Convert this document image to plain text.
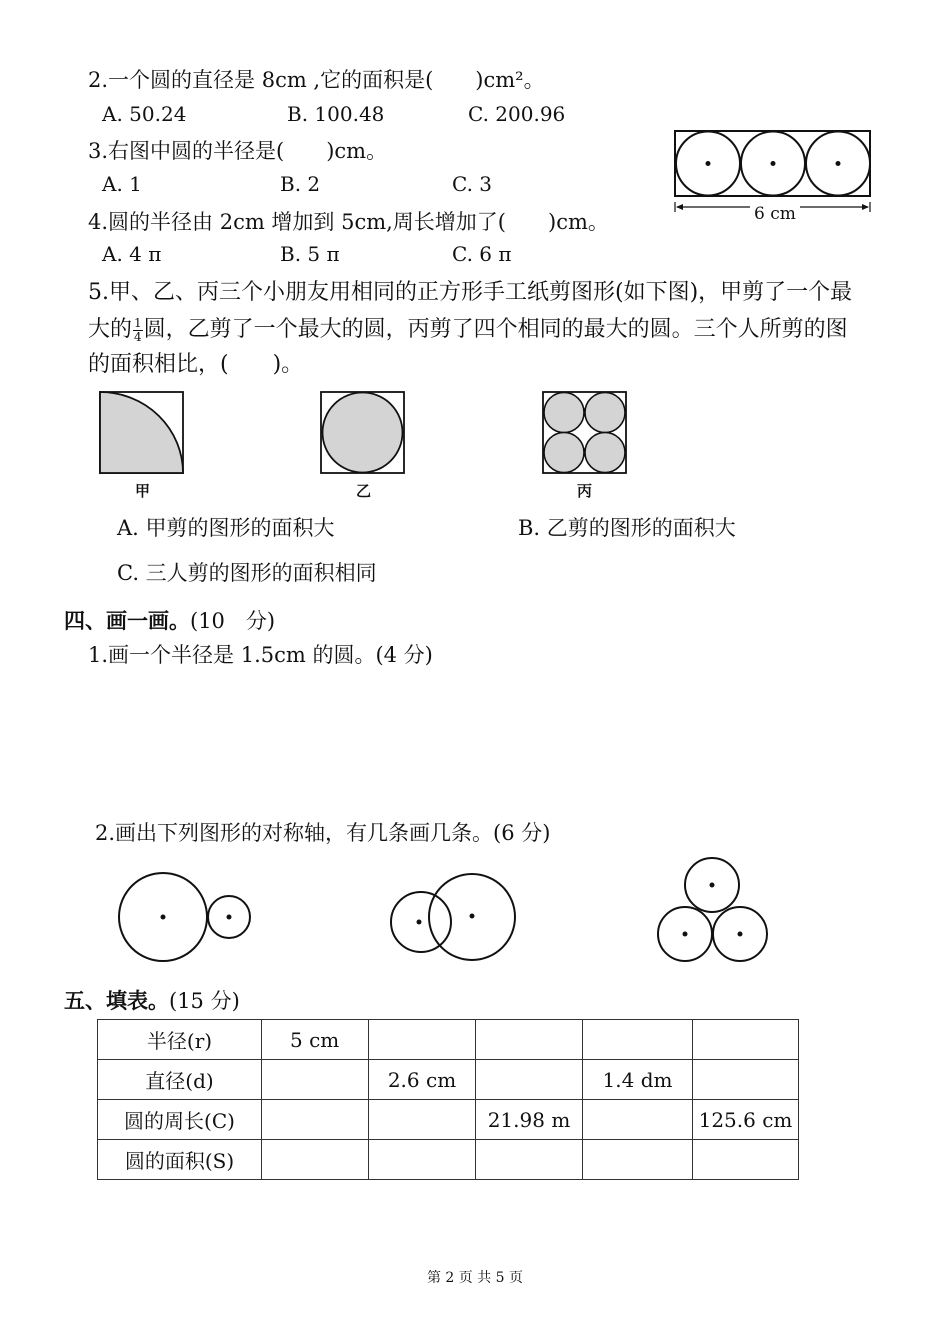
2.一个圆的直径是 8cm ,它的面积是(　　)cm²。
A. 50.24	B. 100.48	C. 200.96
3.右图中圆的半径是(　　)cm。
A. 1	B. 2	C. 3
6 cm
4.圆的半径由 2cm 增加到 5cm,周长增加了(　　)cm。
A. 4 π	B. 5 π	C. 6 π
5.甲、乙、丙三个小朋友用相同的正方形手工纸剪图形(如下图)，甲剪了一个最
大的 $\frac{1}{4}$ 圆，乙剪了一个最大的圆，丙剪了四个相同的最大的圆。三个人所剪的图
的面积相比，(　　)。
甲	乙	丙
A. 甲剪的图形的面积大	B. 乙剪的图形的面积大
C. 三人剪的图形的面积相同
四、画一画。(10　分)
1.画一个半径是 1.5cm 的圆。(4 分)
2.画出下列图形的对称轴，有几条画几条。(6 分)
五、填表。(15 分)
半径(r)	5 cm				
直径(d)		2.6 cm		1.4 dm	
圆的周长(C)			21.98 m		125.6 cm
圆的面积(S)					
第 2 页 共 5 页
